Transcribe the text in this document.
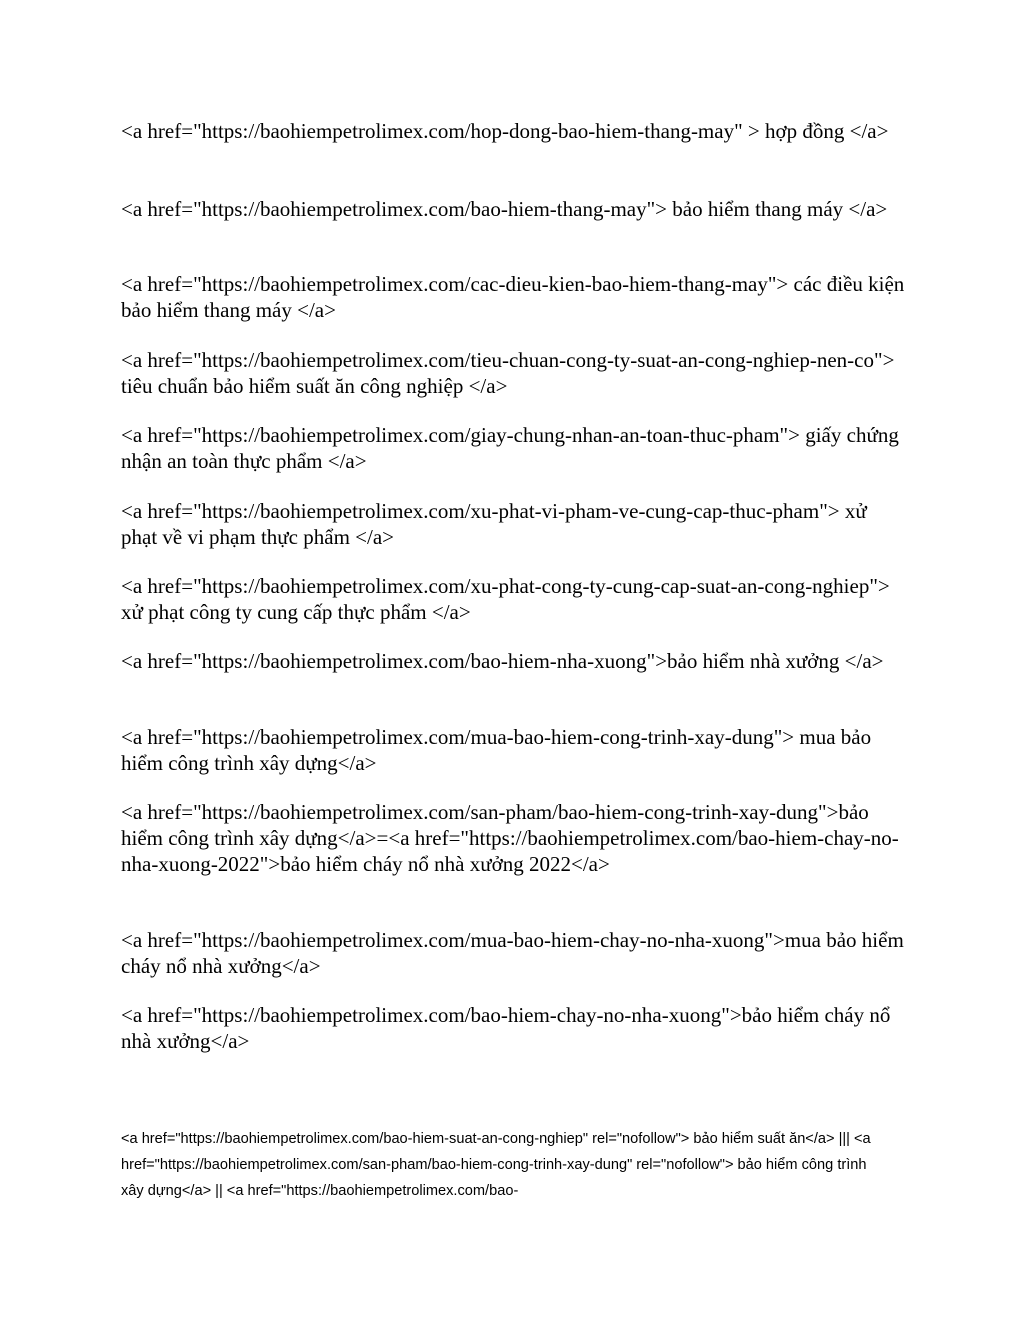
<a href="https://baohiempetrolimex.com/hop-dong-bao-hiem-thang-may" > hợp đồng </a>

<a href="https://baohiempetrolimex.com/bao-hiem-thang-may"> bảo hiểm thang máy </a>

<a href="https://baohiempetrolimex.com/cac-dieu-kien-bao-hiem-thang-may"> các điều kiện bảo hiểm thang máy </a>

<a href="https://baohiempetrolimex.com/tieu-chuan-cong-ty-suat-an-cong-nghiep-nen-co"> tiêu chuẩn bảo hiểm suất ăn công nghiệp </a>

<a href="https://baohiempetrolimex.com/giay-chung-nhan-an-toan-thuc-pham"> giấy chứng nhận an toàn thực phẩm </a>

<a href="https://baohiempetrolimex.com/xu-phat-vi-pham-ve-cung-cap-thuc-pham"> xử phạt về vi phạm thực phẩm </a>

<a href="https://baohiempetrolimex.com/xu-phat-cong-ty-cung-cap-suat-an-cong-nghiep"> xử phạt công ty cung cấp thực phẩm </a>

<a href="https://baohiempetrolimex.com/bao-hiem-nha-xuong">bảo hiểm nhà xưởng </a>

<a href="https://baohiempetrolimex.com/mua-bao-hiem-cong-trinh-xay-dung"> mua bảo hiểm công trình xây dựng</a>

<a href="https://baohiempetrolimex.com/san-pham/bao-hiem-cong-trinh-xay-dung">bảo hiểm công trình xây dựng</a>=<a href="https://baohiempetrolimex.com/bao-hiem-chay-no-nha-xuong-2022">bảo hiểm cháy nổ nhà xưởng 2022</a>

<a href="https://baohiempetrolimex.com/mua-bao-hiem-chay-no-nha-xuong">mua bảo hiểm cháy nổ nhà xưởng</a>

<a href="https://baohiempetrolimex.com/bao-hiem-chay-no-nha-xuong">bảo hiểm cháy nổ nhà xưởng</a>

<a href="https://baohiempetrolimex.com/bao-hiem-suat-an-cong-nghiep" rel="nofollow"> bảo hiểm suất ăn</a> ||| <a href="https://baohiempetrolimex.com/san-pham/bao-hiem-cong-trinh-xay-dung" rel="nofollow"> bảo hiểm công trình xây dựng</a> || <a href="https://baohiempetrolimex.com/bao-
